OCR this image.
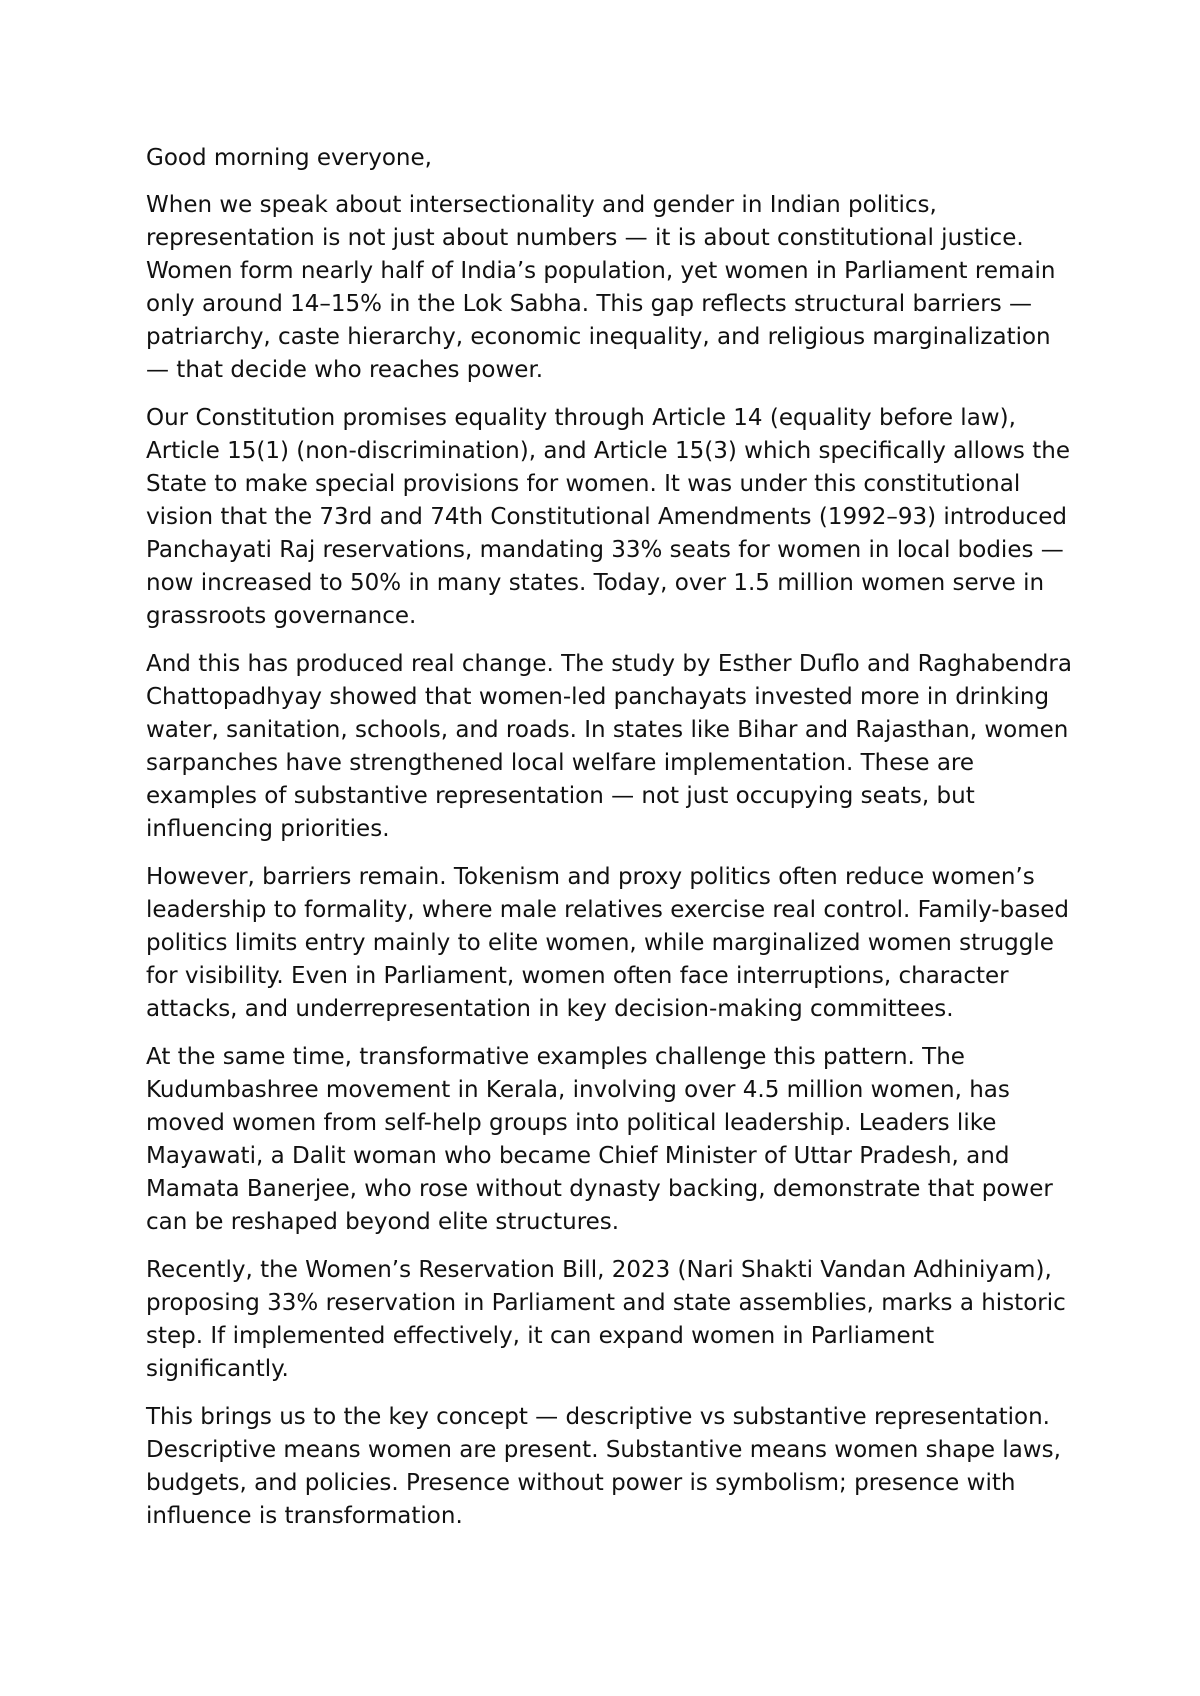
Good morning everyone,

When we speak about intersectionality and gender in Indian politics, representation is not just about numbers — it is about constitutional justice. Women form nearly half of India’s population, yet women in Parliament remain only around 14–15% in the Lok Sabha. This gap reflects structural barriers — patriarchy, caste hierarchy, economic inequality, and religious marginalization — that decide who reaches power.

Our Constitution promises equality through Article 14 (equality before law), Article 15(1) (non-discrimination), and Article 15(3) which specifically allows the State to make special provisions for women. It was under this constitutional vision that the 73rd and 74th Constitutional Amendments (1992–93) introduced Panchayati Raj reservations, mandating 33% seats for women in local bodies — now increased to 50% in many states. Today, over 1.5 million women serve in grassroots governance.

And this has produced real change. The study by Esther Duflo and Raghabendra Chattopadhyay showed that women-led panchayats invested more in drinking water, sanitation, schools, and roads. In states like Bihar and Rajasthan, women sarpanches have strengthened local welfare implementation. These are examples of substantive representation — not just occupying seats, but influencing priorities.

However, barriers remain. Tokenism and proxy politics often reduce women’s leadership to formality, where male relatives exercise real control. Family-based politics limits entry mainly to elite women, while marginalized women struggle for visibility. Even in Parliament, women often face interruptions, character attacks, and underrepresentation in key decision-making committees.

At the same time, transformative examples challenge this pattern. The Kudumbashree movement in Kerala, involving over 4.5 million women, has moved women from self-help groups into political leadership. Leaders like Mayawati, a Dalit woman who became Chief Minister of Uttar Pradesh, and Mamata Banerjee, who rose without dynasty backing, demonstrate that power can be reshaped beyond elite structures.

Recently, the Women’s Reservation Bill, 2023 (Nari Shakti Vandan Adhiniyam), proposing 33% reservation in Parliament and state assemblies, marks a historic step. If implemented effectively, it can expand women in Parliament significantly.

This brings us to the key concept — descriptive vs substantive representation. Descriptive means women are present. Substantive means women shape laws, budgets, and policies. Presence without power is symbolism; presence with influence is transformation.
